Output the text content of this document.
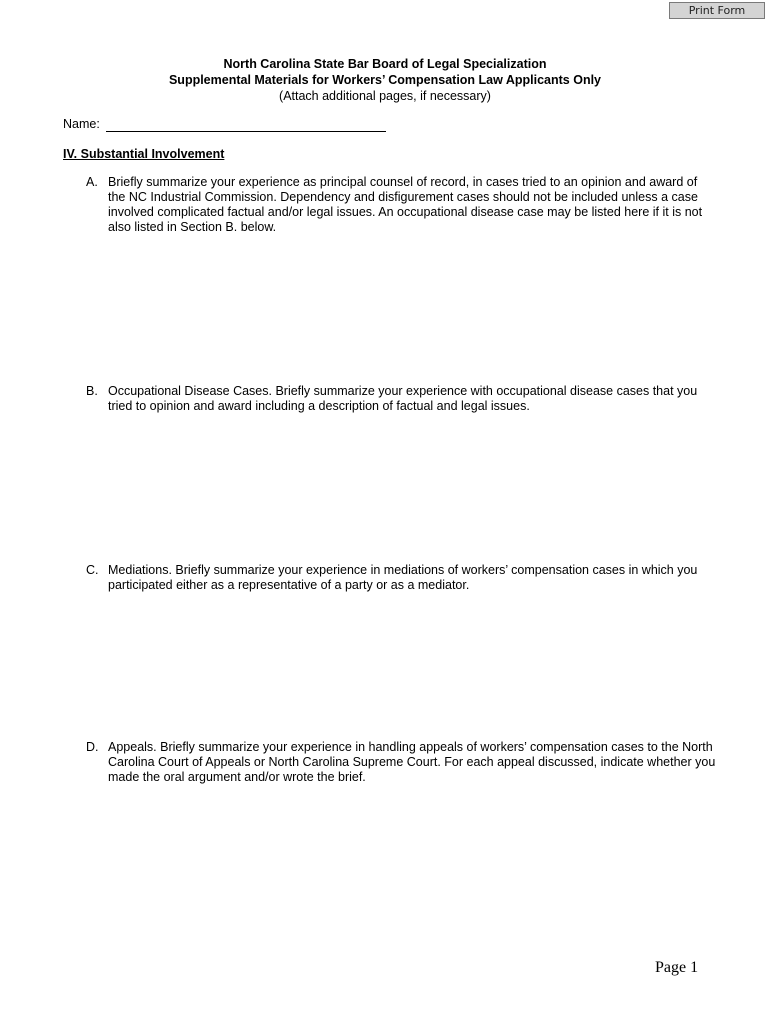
Print Form
North Carolina State Bar Board of Legal Specialization
Supplemental Materials for Workers’ Compensation Law Applicants Only
(Attach additional pages, if necessary)
Name:
IV. Substantial Involvement
A. Briefly summarize your experience as principal counsel of record, in cases tried to an opinion and award of the NC Industrial Commission. Dependency and disfigurement cases should not be included unless a case involved complicated factual and/or legal issues. An occupational disease case may be listed here if it is not also listed in Section B. below.
B. Occupational Disease Cases. Briefly summarize your experience with occupational disease cases that you tried to opinion and award including a description of factual and legal issues.
C. Mediations. Briefly summarize your experience in mediations of workers’ compensation cases in which you participated either as a representative of a party or as a mediator.
D. Appeals. Briefly summarize your experience in handling appeals of workers’ compensation cases to the North Carolina Court of Appeals or North Carolina Supreme Court. For each appeal discussed, indicate whether you made the oral argument and/or wrote the brief.
Page 1
